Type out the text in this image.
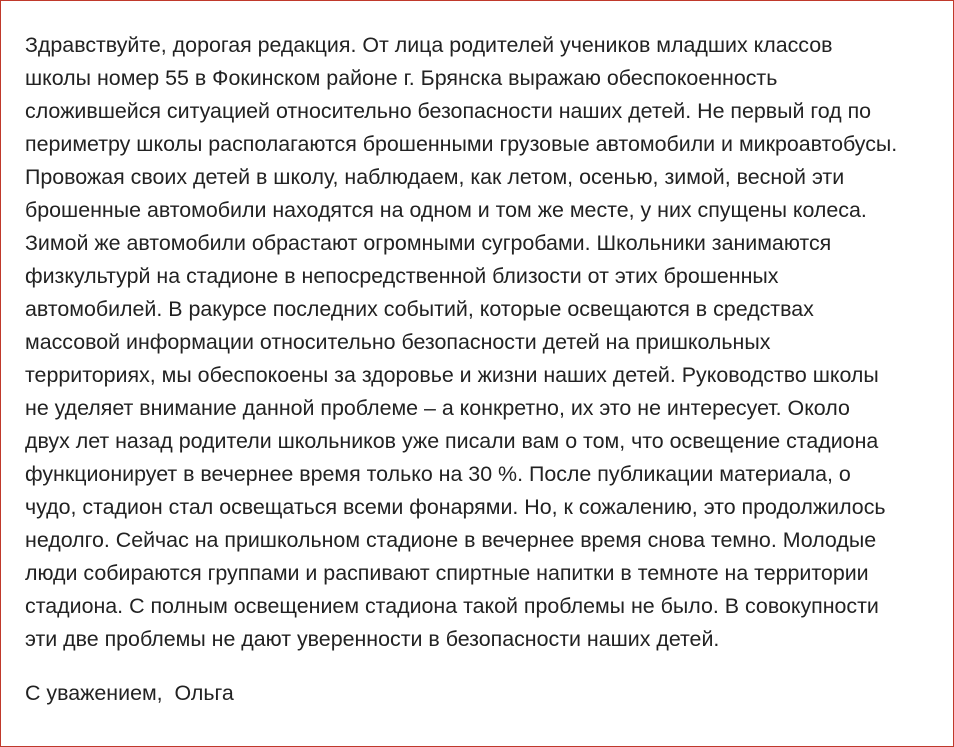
Здравствуйте, дорогая редакция. От лица родителей учеников младших классов
школы номер 55 в Фокинском районе г. Брянска выражаю обеспокоенность
сложившейся ситуацией относительно безопасности наших детей. Не первый год по
периметру школы располагаются брошенными грузовые автомобили и микроавтобусы.
Провожая своих детей в школу, наблюдаем, как летом, осенью, зимой, весной эти
брошенные автомобили находятся на одном и том же месте, у них спущены колеса.
Зимой же автомобили обрастают огромными сугробами. Школьники занимаются
физкультурй на стадионе в непосредственной близости от этих брошенных
автомобилей. В ракурсе последних событий, которые освещаются в средствах
массовой информации относительно безопасности детей на пришкольных
территориях, мы обеспокоены за здоровье и жизни наших детей. Руководство школы
не уделяет внимание данной проблеме – а конкретно, их это не интересует. Около
двух лет назад родители школьников уже писали вам о том, что освещение стадиона
функционирует в вечернее время только на 30 %. После публикации материала, о
чудо, стадион стал освещаться всеми фонарями. Но, к сожалению, это продолжилось
недолго. Сейчас на пришкольном стадионе в вечернее время снова темно. Молодые
люди собираются группами и распивают спиртные напитки в темноте на территории
стадиона. С полным освещением стадиона такой проблемы не было. В совокупности
эти две проблемы не дают уверенности в безопасности наших детей.
С уважением,  Ольга
